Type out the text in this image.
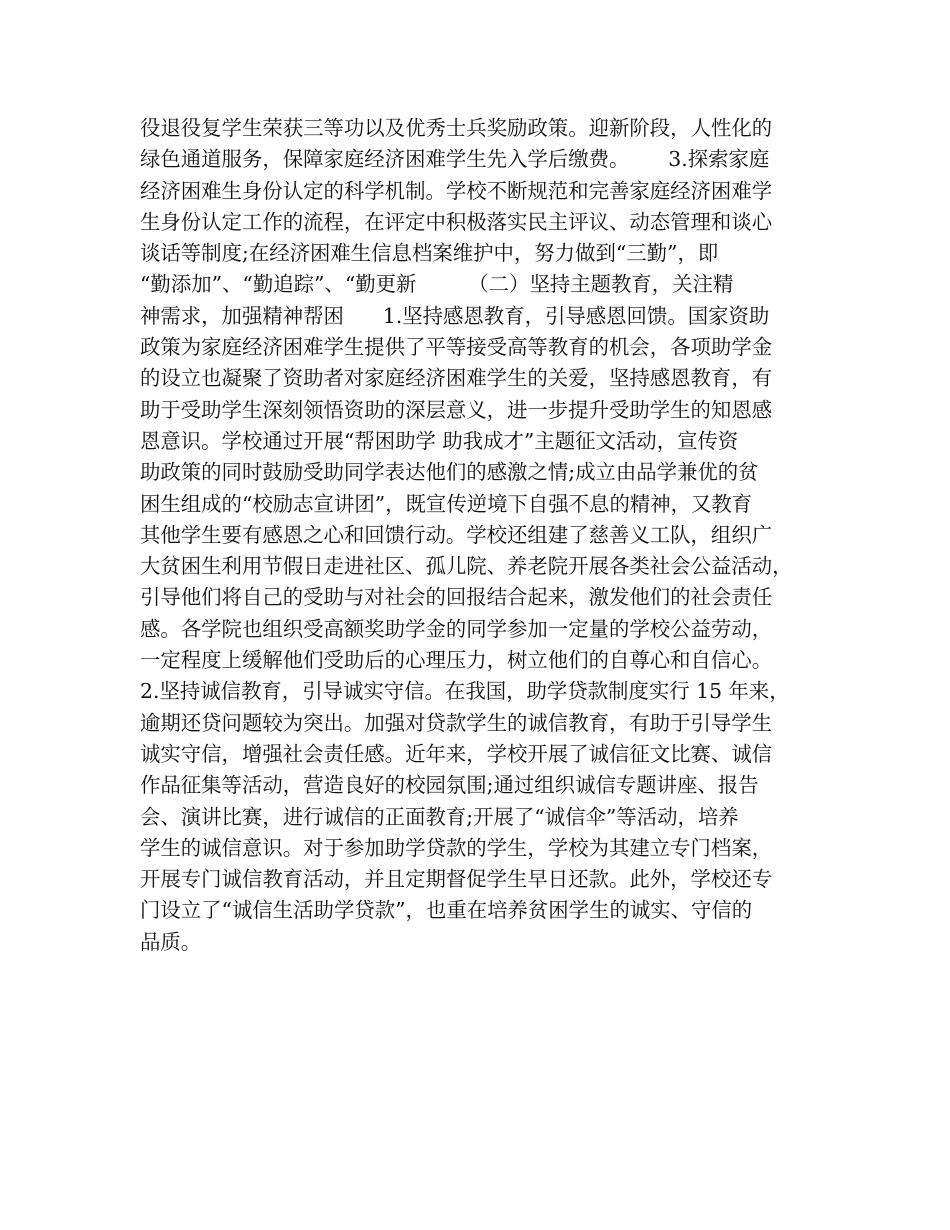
役退役复学生荣获三等功以及优秀士兵奖励政策。迎新阶段，人性化的
绿色通道服务，保障家庭经济困难学生先入学后缴费。      3.探索家庭
经济困难生身份认定的科学机制。学校不断规范和完善家庭经济困难学
生身份认定工作的流程，在评定中积极落实民主评议、动态管理和谈心
谈话等制度;在经济困难生信息档案维护中，努力做到“三勤”，即
“勤添加”、“勤追踪”、“勤更新        （二）坚持主题教育，关注精
神需求，加强精神帮困      1.坚持感恩教育，引导感恩回馈。国家资助
政策为家庭经济困难学生提供了平等接受高等教育的机会，各项助学金
的设立也凝聚了资助者对家庭经济困难学生的关爱，坚持感恩教育，有
助于受助学生深刻领悟资助的深层意义，进一步提升受助学生的知恩感
恩意识。学校通过开展“帮困助学 助我成才”主题征文活动，宣传资
助政策的同时鼓励受助同学表达他们的感激之情;成立由品学兼优的贫
困生组成的“校励志宣讲团”，既宣传逆境下自强不息的精神，又教育
其他学生要有感恩之心和回馈行动。学校还组建了慈善义工队，组织广
大贫困生利用节假日走进社区、孤儿院、养老院开展各类社会公益活动，
引导他们将自己的受助与对社会的回报结合起来，激发他们的社会责任
感。各学院也组织受高额奖助学金的同学参加一定量的学校公益劳动，
一定程度上缓解他们受助后的心理压力，树立他们的自尊心和自信心。
2.坚持诚信教育，引导诚实守信。在我国，助学贷款制度实行 15 年来，
逾期还贷问题较为突出。加强对贷款学生的诚信教育，有助于引导学生
诚实守信，增强社会责任感。近年来，学校开展了诚信征文比赛、诚信
作品征集等活动，营造良好的校园氛围;通过组织诚信专题讲座、报告
会、演讲比赛，进行诚信的正面教育;开展了“诚信伞”等活动，培养
学生的诚信意识。对于参加助学贷款的学生，学校为其建立专门档案，
开展专门诚信教育活动，并且定期督促学生早日还款。此外，学校还专
门设立了“诚信生活助学贷款”，也重在培养贫困学生的诚实、守信的
品质。
